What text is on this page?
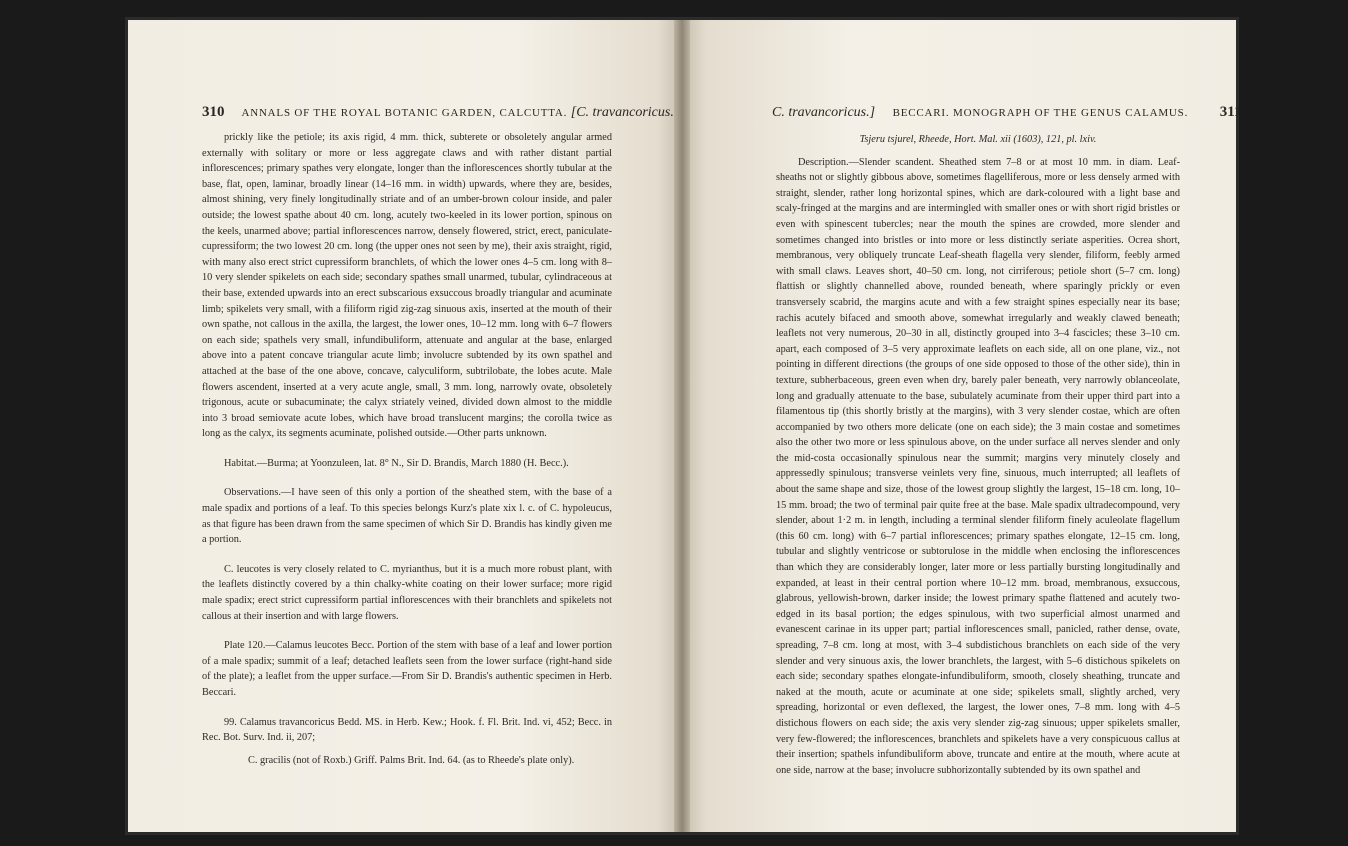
310 ANNALS OF THE ROYAL BOTANIC GARDEN, CALCUTTA. [C. travancoricus.

prickly like the petiole; its axis rigid, 4 mm. thick, subterete or obsoletely angular armed externally with solitary or more or less aggregate claws and with rather distant partial inflorescences; primary spathes very elongate, longer than the inflorescences shortly tubular at the base, flat, open, laminar, broadly linear (14–16 mm. in width) upwards, where they are, besides, almost shining, very finely longitudinally striate and of an umber-brown colour inside, and paler outside; the lowest spathe about 40 cm. long, acutely two-keeled in its lower portion, spinous on the keels, unarmed above; partial inflorescences narrow, densely flowered, strict, erect, paniculate-cupressiform; the two lowest 20 cm. long (the upper ones not seen by me), their axis straight, rigid, with many also erect strict cupressiform branchlets, of which the lower ones 4–5 cm. long with 8–10 very slender spikelets on each side; secondary spathes small unarmed, tubular, cylindraceous at their base, extended upwards into an erect subscarious exsuccous broadly triangular and acuminate limb; spikelets very small, with a filiform rigid zig-zag sinuous axis, inserted at the mouth of their own spathe, not callous in the axilla, the largest, the lower ones, 10–12 mm. long with 6–7 flowers on each side; spathels very small, infundibuliform, attenuate and angular at the base, enlarged above into a patent concave triangular acute limb; involucre subtended by its own spathel and attached at the base of the one above, concave, calyculiform, subtrilobate, the lobes acute. Male flowers ascendent, inserted at a very acute angle, small, 3 mm. long, narrowly ovate, obsoletely trigonous, acute or subacuminate; the calyx striately veined, divided down almost to the middle into 3 broad semiovate acute lobes, which have broad translucent margins; the corolla twice as long as the calyx, its segments acuminate, polished outside.—Other parts unknown.

Habitat.—Burma; at Yoonzuleen, lat. 8° N., Sir D. Brandis, March 1880 (H. Becc.).

Observations.—I have seen of this only a portion of the sheathed stem, with the base of a male spadix and portions of a leaf. To this species belongs Kurz's plate xix l. c. of C. hypoleucus, as that figure has been drawn from the same specimen of which Sir D. Brandis has kindly given me a portion.

C. leucotes is very closely related to C. myrianthus, but it is a much more robust plant, with the leaflets distinctly covered by a thin chalky-white coating on their lower surface; more rigid male spadix; erect strict cupressiform partial inflorescences with their branchlets and spikelets not callous at their insertion and with large flowers.

Plate 120.—Calamus leucotes Becc. Portion of the stem with base of a leaf and lower portion of a male spadix; summit of a leaf; detached leaflets seen from the lower surface (right-hand side of the plate); a leaflet from the upper surface.—From Sir D. Brandis's authentic specimen in Herb. Beccari.

99. Calamus travancoricus Bedd. MS. in Herb. Kew.; Hook. f. Fl. Brit. Ind. vi, 452; Becc. in Rec. Bot. Surv. Ind. ii, 207;

C. gracilis (not of Roxb.) Griff. Palms Brit. Ind. 64. (as to Rheede's plate only).

C. travancoricus.] BECCARI. MONOGRAPH OF THE GENUS CALAMUS. 311

Tsjeru tsjurel, Rheede, Hort. Mal. xii (1603), 121, pl. lxiv.

Description.—Slender scandent. Sheathed stem 7–8 or at most 10 mm. in diam. Leaf-sheaths not or slightly gibbous above, sometimes flagelliferous, more or less densely armed with straight, slender, rather long horizontal spines, which are dark-coloured with a light base and scaly-fringed at the margins and are intermingled with smaller ones or with short rigid bristles or even with spinescent tubercles; near the mouth the spines are crowded, more slender and sometimes changed into bristles or into more or less distinctly seriate asperities. Ocrea short, membranous, very obliquely truncate Leaf-sheath flagella very slender, filiform, feebly armed with small claws. Leaves short, 40–50 cm. long, not cirriferous; petiole short (5–7 cm. long) flattish or slightly channelled above, rounded beneath, where sparingly prickly or even transversely scabrid, the margins acute and with a few straight spines especially near its base; rachis acutely bifaced and smooth above, somewhat irregularly and weakly clawed beneath; leaflets not very numerous, 20–30 in all, distinctly grouped into 3–4 fascicles; these 3–10 cm. apart, each composed of 3–5 very approximate leaflets on each side, all on one plane, viz., not pointing in different directions (the groups of one side opposed to those of the other side), thin in texture, subherbaceous, green even when dry, barely paler beneath, very narrowly oblanceolate, long and gradually attenuate to the base, subulately acuminate from their upper third part into a filamentous tip (this shortly bristly at the margins), with 3 very slender costae, which are often accompanied by two others more delicate (one on each side); the 3 main costae and sometimes also the other two more or less spinulous above, on the under surface all nerves slender and only the mid-costa occasionally spinulous near the summit; margins very minutely closely and appressedly spinulous; transverse veinlets very fine, sinuous, much interrupted; all leaflets of about the same shape and size, those of the lowest group slightly the largest, 15–18 cm. long, 10–15 mm. broad; the two of terminal pair quite free at the base. Male spadix ultradecompound, very slender, about 1·2 m. in length, including a terminal slender filiform finely aculeolate flagellum (this 60 cm. long) with 6–7 partial inflorescences; primary spathes elongate, 12–15 cm. long, tubular and slightly ventricose or subtorulose in the middle when enclosing the inflorescences than which they are considerably longer, later more or less partially bursting longitudinally and expanded, at least in their central portion where 10–12 mm. broad, membranous, exsuccous, glabrous, yellowish-brown, darker inside; the lowest primary spathe flattened and acutely two-edged in its basal portion; the edges spinulous, with two superficial almost unarmed and evanescent carinae in its upper part; partial inflorescences small, panicled, rather dense, ovate, spreading, 7–8 cm. long at most, with 3–4 subdistichous branchlets on each side of the very slender and very sinuous axis, the lower branchlets, the largest, with 5–6 distichous spikelets on each side; secondary spathes elongate-infundibuliform, smooth, closely sheathing, truncate and naked at the mouth, acute or acuminate at one side; spikelets small, slightly arched, very spreading, horizontal or even deflexed, the largest, the lower ones, 7–8 mm. long with 4–5 distichous flowers on each side; the axis very slender zig-zag sinuous; upper spikelets smaller, very few-flowered; the inflorescences, branchlets and spikelets have a very conspicuous callus at their insertion; spathels infundibuliform above, truncate and entire at the mouth, where acute at one side, narrow at the base; involucre subhorizontally subtended by its own spathel and
